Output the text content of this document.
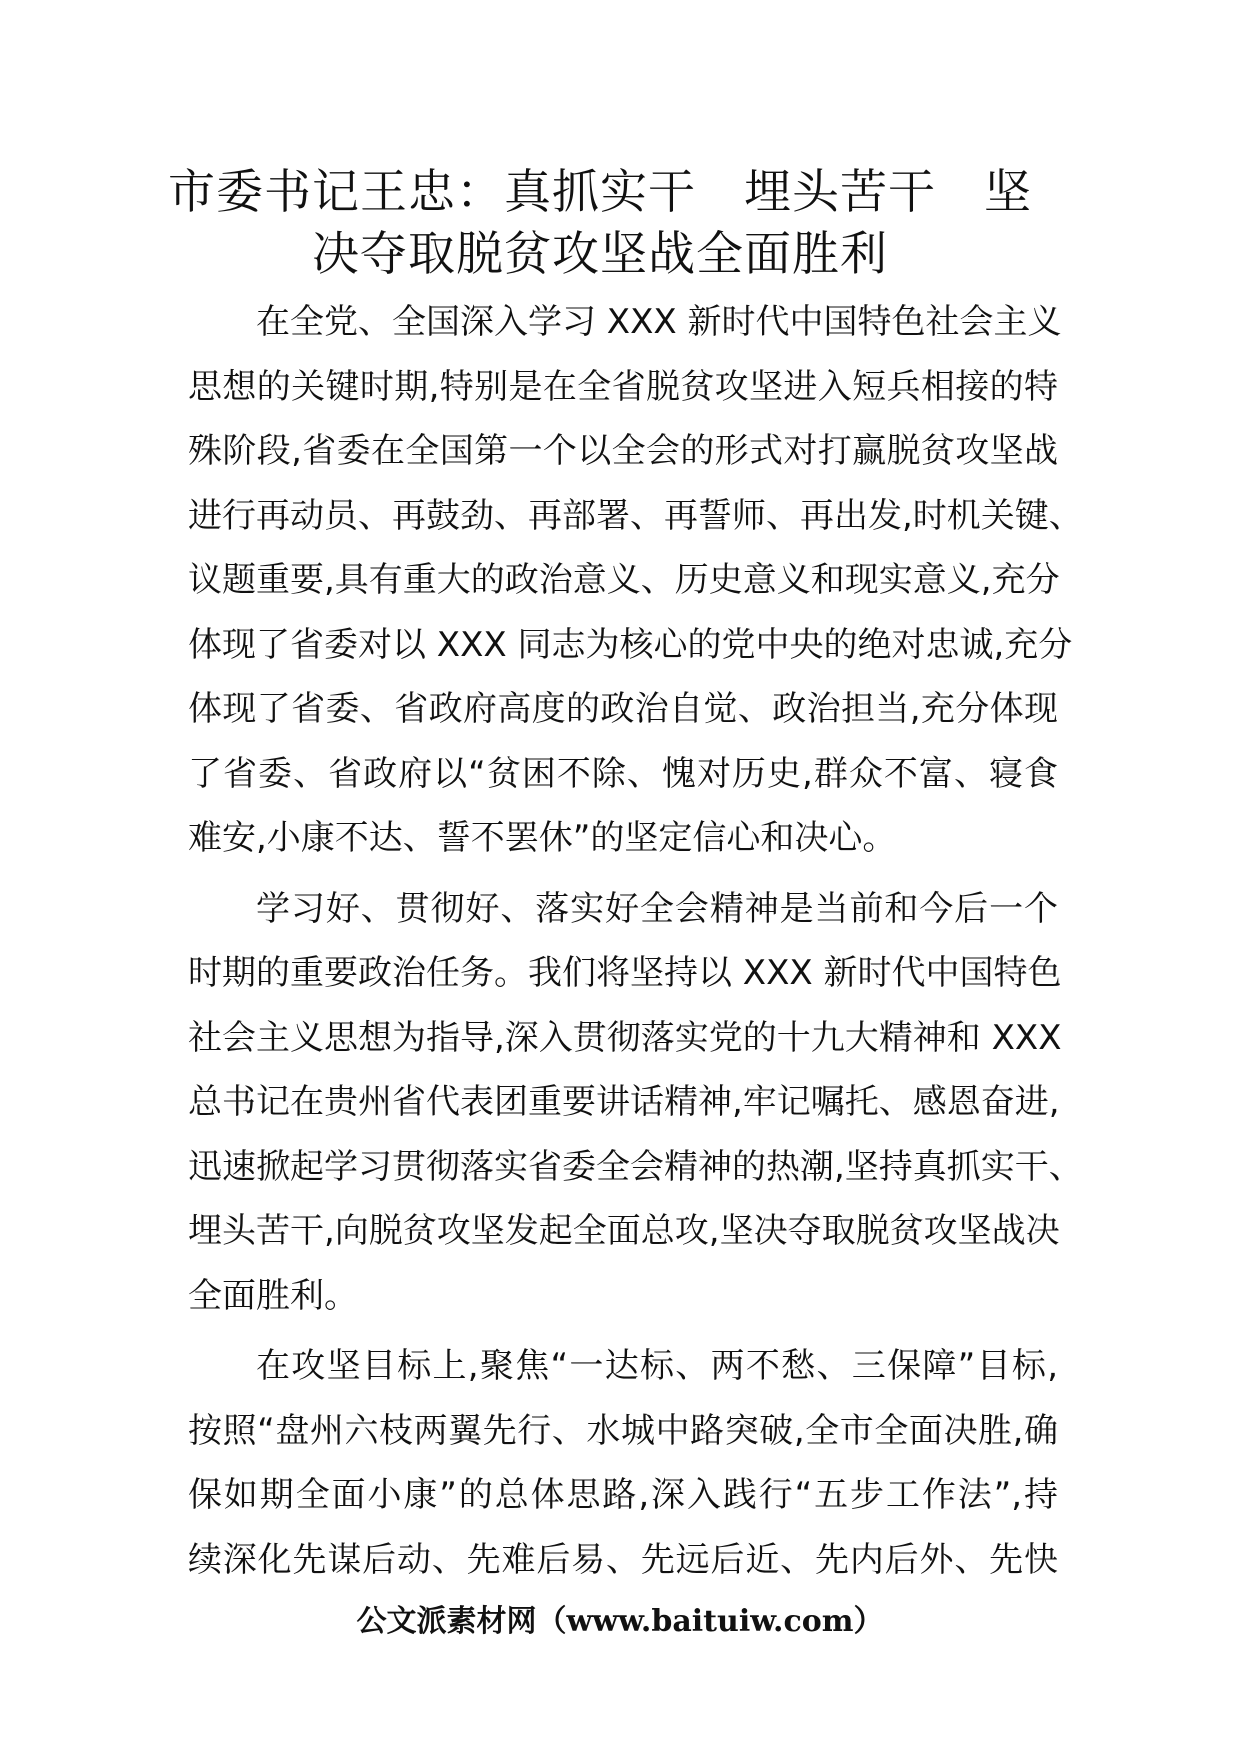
市委书记王忠：真抓实干　埋头苦干　坚
决夺取脱贫攻坚战全面胜利

在全党、全国深入学习 XXX 新时代中国特色社会主义
思想的关键时期,特别是在全省脱贫攻坚进入短兵相接的特
殊阶段,省委在全国第一个以全会的形式对打赢脱贫攻坚战
进行再动员、再鼓劲、再部署、再誓师、再出发,时机关键、
议题重要,具有重大的政治意义、历史意义和现实意义,充分
体现了省委对以 XXX 同志为核心的党中央的绝对忠诚,充分
体现了省委、省政府高度的政治自觉、政治担当,充分体现
了省委、省政府以“贫困不除、愧对历史,群众不富、寝食
难安,小康不达、誓不罢休”的坚定信心和决心。

学习好、贯彻好、落实好全会精神是当前和今后一个
时期的重要政治任务。我们将坚持以 XXX 新时代中国特色
社会主义思想为指导,深入贯彻落实党的十九大精神和 XXX
总书记在贵州省代表团重要讲话精神,牢记嘱托、感恩奋进,
迅速掀起学习贯彻落实省委全会精神的热潮,坚持真抓实干、
埋头苦干,向脱贫攻坚发起全面总攻,坚决夺取脱贫攻坚战决
全面胜利。

在攻坚目标上,聚焦“一达标、两不愁、三保障”目标,
按照“盘州六枝两翼先行、水城中路突破,全市全面决胜,确
保如期全面小康”的总体思路,深入践行“五步工作法”,持
续深化先谋后动、先难后易、先远后近、先内后外、先快

公文派素材网（www.baituiw.com）
